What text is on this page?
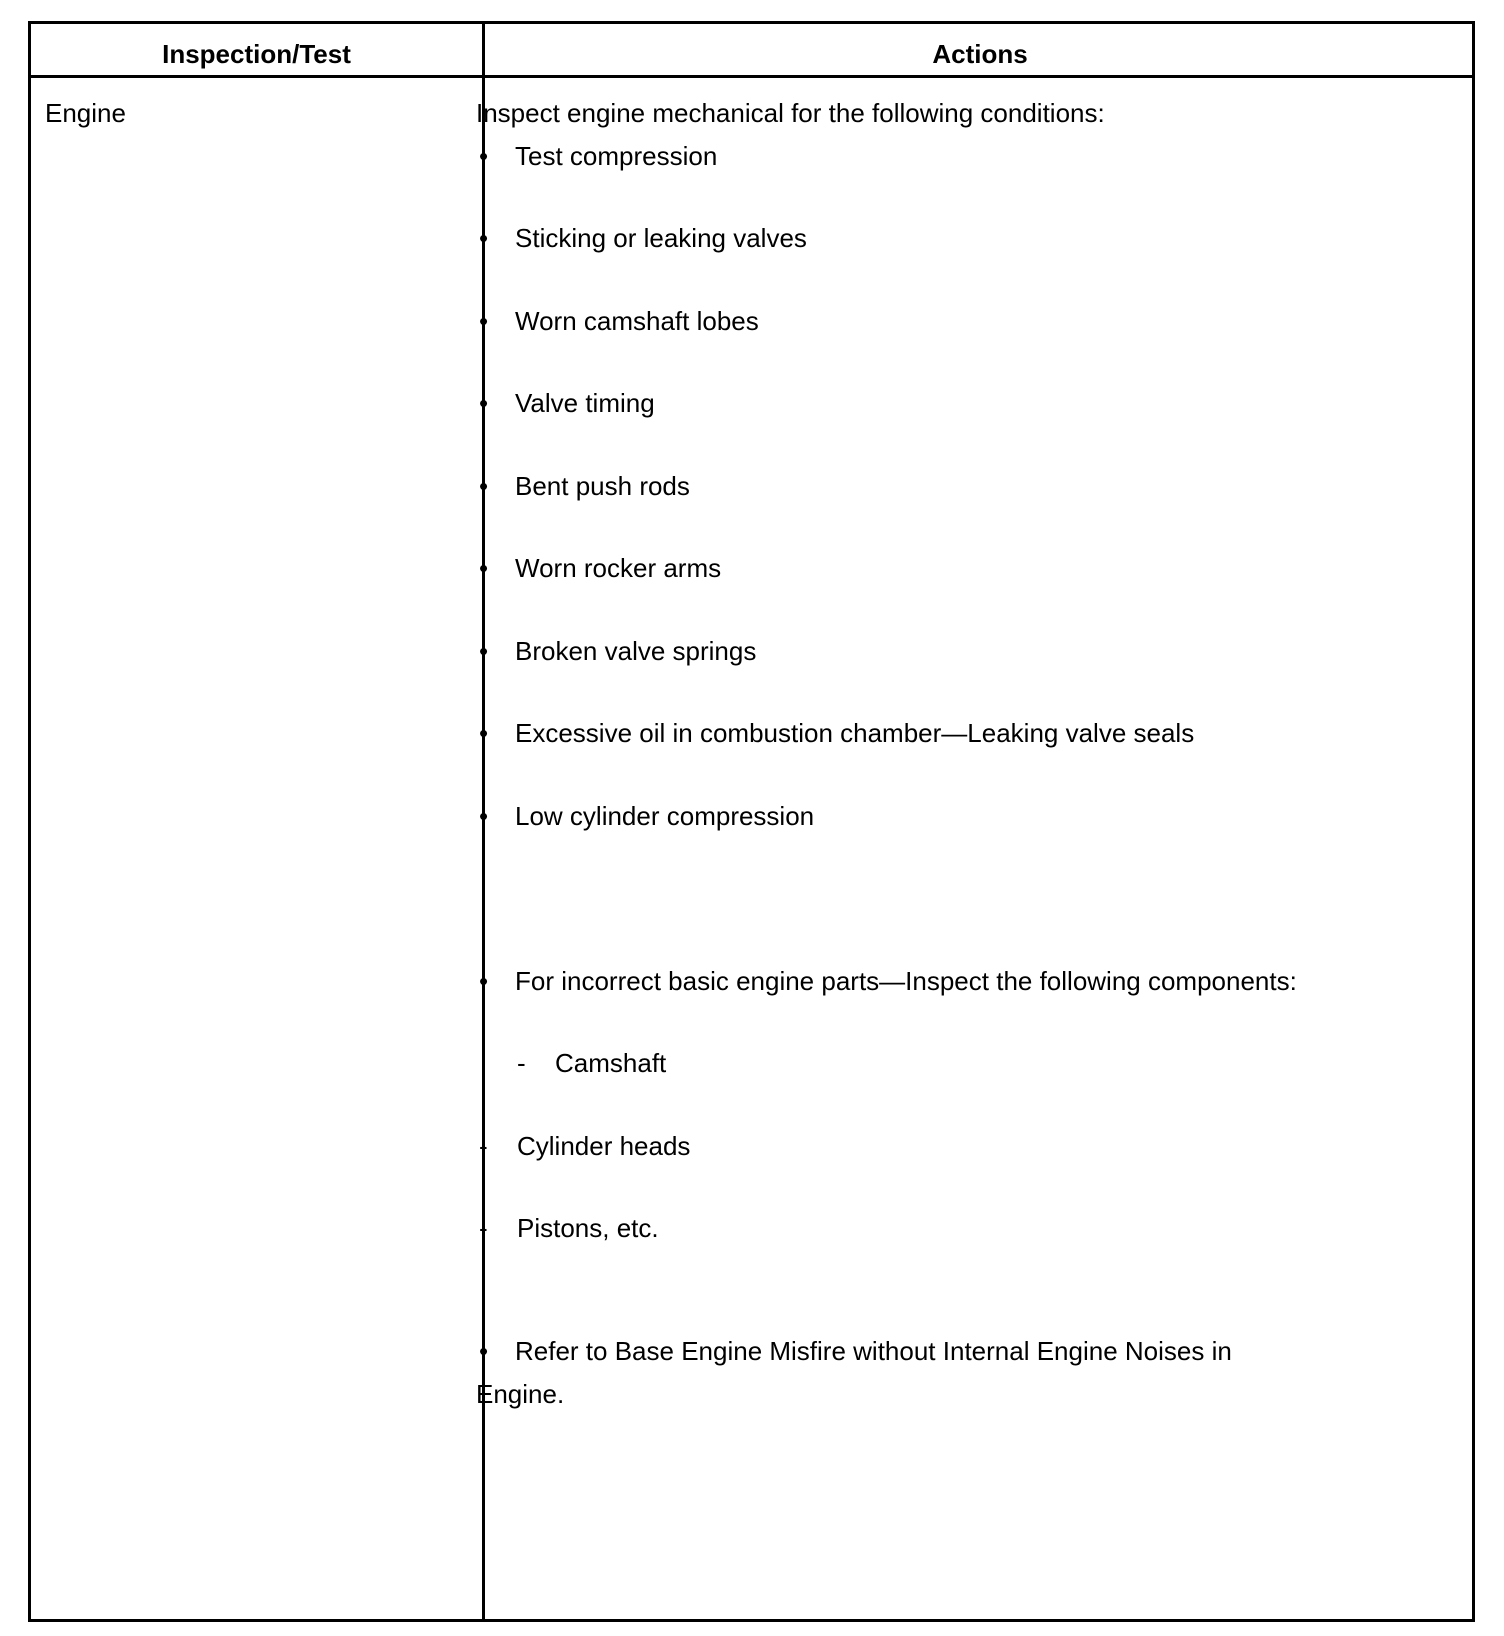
Inspection/Test	Actions
Engine	Inspect engine mechanical for the following conditions:
• Test compression
• Sticking or leaking valves
• Worn camshaft lobes
• Valve timing
• Bent push rods
• Worn rocker arms
• Broken valve springs
• Excessive oil in combustion chamber—Leaking valve seals
• Low cylinder compression
• For incorrect basic engine parts—Inspect the following components:
- Camshaft
- Cylinder heads
- Pistons, etc.
• Refer to Base Engine Misfire without Internal Engine Noises in
Engine.
